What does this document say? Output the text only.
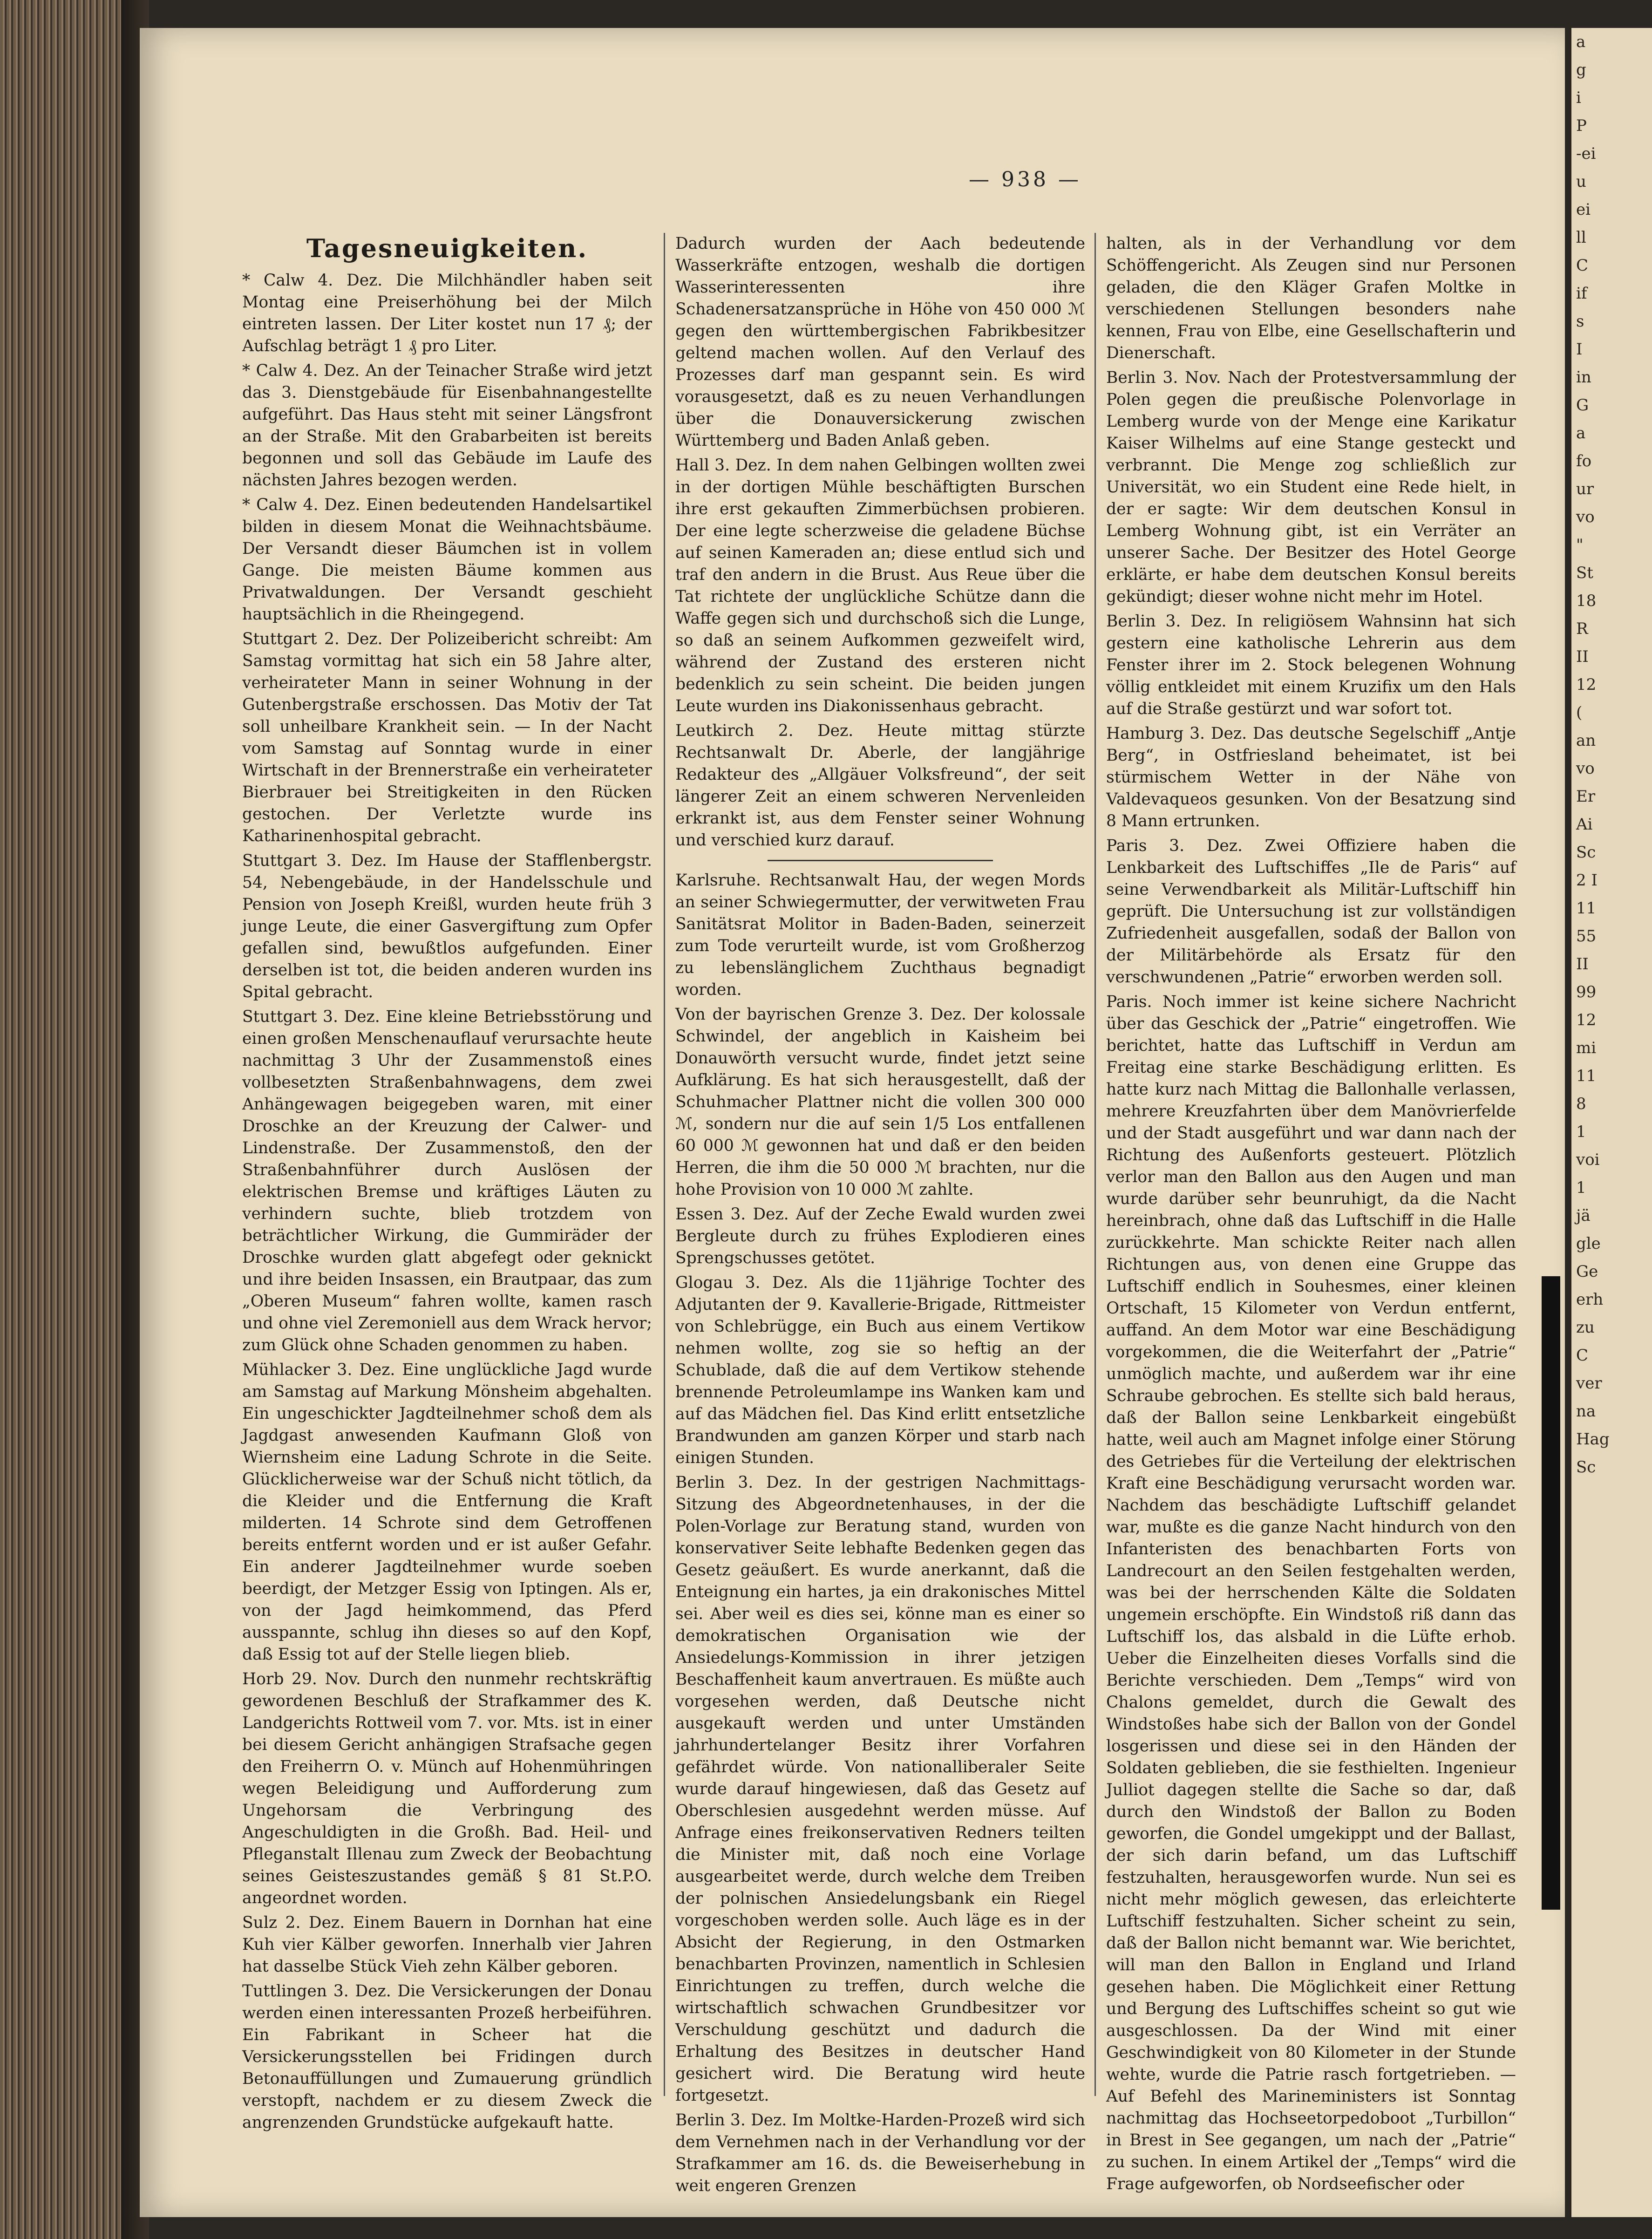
— 938 —
Tagesneuigkeiten.

* Calw 4. Dez. Die Milchhändler haben seit Montag eine Preiserhöhung bei der Milch eintreten lassen. Der Liter kostet nun 17 ₰; der Aufschlag beträgt 1 ₰ pro Liter.

* Calw 4. Dez. An der Teinacher Straße wird jetzt das 3. Dienstgebäude für Eisenbahnangestellte aufgeführt. Das Haus steht mit seiner Längsfront an der Straße. Mit den Grabarbeiten ist bereits begonnen und soll das Gebäude im Laufe des nächsten Jahres bezogen werden.

* Calw 4. Dez. Einen bedeutenden Handelsartikel bilden in diesem Monat die Weihnachtsbäume. Der Versandt dieser Bäumchen ist in vollem Gange. Die meisten Bäume kommen aus Privatwaldungen. Der Versandt geschieht hauptsächlich in die Rheingegend.

Stuttgart 2. Dez. Der Polizeibericht schreibt: Am Samstag vormittag hat sich ein 58 Jahre alter, verheirateter Mann in seiner Wohnung in der Gutenbergstraße erschossen. Das Motiv der Tat soll unheilbare Krankheit sein. — In der Nacht vom Samstag auf Sonntag wurde in einer Wirtschaft in der Brennerstraße ein verheirateter Bierbrauer bei Streitigkeiten in den Rücken gestochen. Der Verletzte wurde ins Katharinenhospital gebracht.

Stuttgart 3. Dez. Im Hause der Stafflenbergstr. 54, Nebengebäude, in der Handelsschule und Pension von Joseph Kreißl, wurden heute früh 3 junge Leute, die einer Gasvergiftung zum Opfer gefallen sind, bewußtlos aufgefunden. Einer derselben ist tot, die beiden anderen wurden ins Spital gebracht.

Stuttgart 3. Dez. Eine kleine Betriebsstörung und einen großen Menschenauflauf verursachte heute nachmittag 3 Uhr der Zusammenstoß eines vollbesetzten Straßenbahnwagens, dem zwei Anhängewagen beigegeben waren, mit einer Droschke an der Kreuzung der Calwer- und Lindenstraße. Der Zusammenstoß, den der Straßenbahnführer durch Auslösen der elektrischen Bremse und kräftiges Läuten zu verhindern suchte, blieb trotzdem von beträchtlicher Wirkung, die Gummiräder der Droschke wurden glatt abgefegt oder geknickt und ihre beiden Insassen, ein Brautpaar, das zum „Oberen Museum“ fahren wollte, kamen rasch und ohne viel Zeremoniell aus dem Wrack hervor; zum Glück ohne Schaden genommen zu haben.

Mühlacker 3. Dez. Eine unglückliche Jagd wurde am Samstag auf Markung Mönsheim abgehalten. Ein ungeschickter Jagdteilnehmer schoß dem als Jagdgast anwesenden Kaufmann Gloß von Wiernsheim eine Ladung Schrote in die Seite. Glücklicherweise war der Schuß nicht tötlich, da die Kleider und die Entfernung die Kraft milderten. 14 Schrote sind dem Getroffenen bereits entfernt worden und er ist außer Gefahr. Ein anderer Jagdteilnehmer wurde soeben beerdigt, der Metzger Essig von Iptingen. Als er, von der Jagd heimkommend, das Pferd ausspannte, schlug ihn dieses so auf den Kopf, daß Essig tot auf der Stelle liegen blieb.

Horb 29. Nov. Durch den nunmehr rechtskräftig gewordenen Beschluß der Strafkammer des K. Landgerichts Rottweil vom 7. vor. Mts. ist in einer bei diesem Gericht anhängigen Strafsache gegen den Freiherrn O. v. Münch auf Hohenmühringen wegen Beleidigung und Aufforderung zum Ungehorsam die Verbringung des Angeschuldigten in die Großh. Bad. Heil- und Pfleganstalt Illenau zum Zweck der Beobachtung seines Geisteszustandes gemäß § 81 St.P.O. angeordnet worden.

Sulz 2. Dez. Einem Bauern in Dornhan hat eine Kuh vier Kälber geworfen. Innerhalb vier Jahren hat dasselbe Stück Vieh zehn Kälber geboren.

Tuttlingen 3. Dez. Die Versickerungen der Donau werden einen interessanten Prozeß herbeiführen. Ein Fabrikant in Scheer hat die Versickerungsstellen bei Fridingen durch Betonauffüllungen und Zumauerung gründlich verstopft, nachdem er zu diesem Zweck die angrenzenden Grundstücke aufgekauft hatte.

Dadurch wurden der Aach bedeutende Wasserkräfte entzogen, weshalb die dortigen Wasserinteressenten ihre Schadenersatzansprüche in Höhe von 450 000 ℳ gegen den württembergischen Fabrikbesitzer geltend machen wollen. Auf den Verlauf des Prozesses darf man gespannt sein. Es wird vorausgesetzt, daß es zu neuen Verhandlungen über die Donauversickerung zwischen Württemberg und Baden Anlaß geben.

Hall 3. Dez. In dem nahen Gelbingen wollten zwei in der dortigen Mühle beschäftigten Burschen ihre erst gekauften Zimmerbüchsen probieren. Der eine legte scherzweise die geladene Büchse auf seinen Kameraden an; diese entlud sich und traf den andern in die Brust. Aus Reue über die Tat richtete der unglückliche Schütze dann die Waffe gegen sich und durchschoß sich die Lunge, so daß an seinem Aufkommen gezweifelt wird, während der Zustand des ersteren nicht bedenklich zu sein scheint. Die beiden jungen Leute wurden ins Diakonissenhaus gebracht.

Leutkirch 2. Dez. Heute mittag stürzte Rechtsanwalt Dr. Aberle, der langjährige Redakteur des „Allgäuer Volksfreund“, der seit längerer Zeit an einem schweren Nervenleiden erkrankt ist, aus dem Fenster seiner Wohnung und verschied kurz darauf.

Karlsruhe. Rechtsanwalt Hau, der wegen Mords an seiner Schwiegermutter, der verwitweten Frau Sanitätsrat Molitor in Baden-Baden, seinerzeit zum Tode verurteilt wurde, ist vom Großherzog zu lebenslänglichem Zuchthaus begnadigt worden.

Von der bayrischen Grenze 3. Dez. Der kolossale Schwindel, der angeblich in Kaisheim bei Donauwörth versucht wurde, findet jetzt seine Aufklärung. Es hat sich herausgestellt, daß der Schuhmacher Plattner nicht die vollen 300 000 ℳ, sondern nur die auf sein 1/5 Los entfallenen 60 000 ℳ gewonnen hat und daß er den beiden Herren, die ihm die 50 000 ℳ brachten, nur die hohe Provision von 10 000 ℳ zahlte.

Essen 3. Dez. Auf der Zeche Ewald wurden zwei Bergleute durch zu frühes Explodieren eines Sprengschusses getötet.

Glogau 3. Dez. Als die 11jährige Tochter des Adjutanten der 9. Kavallerie-Brigade, Rittmeister von Schlebrügge, ein Buch aus einem Vertikow nehmen wollte, zog sie so heftig an der Schublade, daß die auf dem Vertikow stehende brennende Petroleumlampe ins Wanken kam und auf das Mädchen fiel. Das Kind erlitt entsetzliche Brandwunden am ganzen Körper und starb nach einigen Stunden.

Berlin 3. Dez. In der gestrigen Nachmittags-Sitzung des Abgeordnetenhauses, in der die Polen-Vorlage zur Beratung stand, wurden von konservativer Seite lebhafte Bedenken gegen das Gesetz geäußert. Es wurde anerkannt, daß die Enteignung ein hartes, ja ein drakonisches Mittel sei. Aber weil es dies sei, könne man es einer so demokratischen Organisation wie der Ansiedelungs-Kommission in ihrer jetzigen Beschaffenheit kaum anvertrauen. Es müßte auch vorgesehen werden, daß Deutsche nicht ausgekauft werden und unter Umständen jahrhundertelanger Besitz ihrer Vorfahren gefährdet würde. Von nationalliberaler Seite wurde darauf hingewiesen, daß das Gesetz auf Oberschlesien ausgedehnt werden müsse. Auf Anfrage eines freikonservativen Redners teilten die Minister mit, daß noch eine Vorlage ausgearbeitet werde, durch welche dem Treiben der polnischen Ansiedelungsbank ein Riegel vorgeschoben werden solle. Auch läge es in der Absicht der Regierung, in den Ostmarken benachbarten Provinzen, namentlich in Schlesien Einrichtungen zu treffen, durch welche die wirtschaftlich schwachen Grundbesitzer vor Verschuldung geschützt und dadurch die Erhaltung des Besitzes in deutscher Hand gesichert wird. Die Beratung wird heute fortgesetzt.

Berlin 3. Dez. Im Moltke-Harden-Prozeß wird sich dem Vernehmen nach in der Verhandlung vor der Strafkammer am 16. ds. die Beweiserhebung in weit engeren Grenzen

halten, als in der Verhandlung vor dem Schöffengericht. Als Zeugen sind nur Personen geladen, die den Kläger Grafen Moltke in verschiedenen Stellungen besonders nahe kennen, Frau von Elbe, eine Gesellschafterin und Dienerschaft.

Berlin 3. Nov. Nach der Protestversammlung der Polen gegen die preußische Polenvorlage in Lemberg wurde von der Menge eine Karikatur Kaiser Wilhelms auf eine Stange gesteckt und verbrannt. Die Menge zog schließlich zur Universität, wo ein Student eine Rede hielt, in der er sagte: Wir dem deutschen Konsul in Lemberg Wohnung gibt, ist ein Verräter an unserer Sache. Der Besitzer des Hotel George erklärte, er habe dem deutschen Konsul bereits gekündigt; dieser wohne nicht mehr im Hotel.

Berlin 3. Dez. In religiösem Wahnsinn hat sich gestern eine katholische Lehrerin aus dem Fenster ihrer im 2. Stock belegenen Wohnung völlig entkleidet mit einem Kruzifix um den Hals auf die Straße gestürzt und war sofort tot.

Hamburg 3. Dez. Das deutsche Segelschiff „Antje Berg“, in Ostfriesland beheimatet, ist bei stürmischem Wetter in der Nähe von Valdevaqueos gesunken. Von der Besatzung sind 8 Mann ertrunken.

Paris 3. Dez. Zwei Offiziere haben die Lenkbarkeit des Luftschiffes „Ile de Paris“ auf seine Verwendbarkeit als Militär-Luftschiff hin geprüft. Die Untersuchung ist zur vollständigen Zufriedenheit ausgefallen, sodaß der Ballon von der Militärbehörde als Ersatz für den verschwundenen „Patrie“ erworben werden soll.

Paris. Noch immer ist keine sichere Nachricht über das Geschick der „Patrie“ eingetroffen. Wie berichtet, hatte das Luftschiff in Verdun am Freitag eine starke Beschädigung erlitten. Es hatte kurz nach Mittag die Ballonhalle verlassen, mehrere Kreuzfahrten über dem Manövrierfelde und der Stadt ausgeführt und war dann nach der Richtung des Außenforts gesteuert. Plötzlich verlor man den Ballon aus den Augen und man wurde darüber sehr beunruhigt, da die Nacht hereinbrach, ohne daß das Luftschiff in die Halle zurückkehrte. Man schickte Reiter nach allen Richtungen aus, von denen eine Gruppe das Luftschiff endlich in Souhesmes, einer kleinen Ortschaft, 15 Kilometer von Verdun entfernt, auffand. An dem Motor war eine Beschädigung vorgekommen, die die Weiterfahrt der „Patrie“ unmöglich machte, und außerdem war ihr eine Schraube gebrochen. Es stellte sich bald heraus, daß der Ballon seine Lenkbarkeit eingebüßt hatte, weil auch am Magnet infolge einer Störung des Getriebes für die Verteilung der elektrischen Kraft eine Beschädigung verursacht worden war. Nachdem das beschädigte Luftschiff gelandet war, mußte es die ganze Nacht hindurch von den Infanteristen des benachbarten Forts von Landrecourt an den Seilen festgehalten werden, was bei der herrschenden Kälte die Soldaten ungemein erschöpfte. Ein Windstoß riß dann das Luftschiff los, das alsbald in die Lüfte erhob. Ueber die Einzelheiten dieses Vorfalls sind die Berichte verschieden. Dem „Temps“ wird von Chalons gemeldet, durch die Gewalt des Windstoßes habe sich der Ballon von der Gondel losgerissen und diese sei in den Händen der Soldaten geblieben, die sie festhielten. Ingenieur Julliot dagegen stellte die Sache so dar, daß durch den Windstoß der Ballon zu Boden geworfen, die Gondel umgekippt und der Ballast, der sich darin befand, um das Luftschiff festzuhalten, herausgeworfen wurde. Nun sei es nicht mehr möglich gewesen, das erleichterte Luftschiff festzuhalten. Sicher scheint zu sein, daß der Ballon nicht bemannt war. Wie berichtet, will man den Ballon in England und Irland gesehen haben. Die Möglichkeit einer Rettung und Bergung des Luftschiffes scheint so gut wie ausgeschlossen. Da der Wind mit einer Geschwindigkeit von 80 Kilometer in der Stunde wehte, wurde die Patrie rasch fortgetrieben. — Auf Befehl des Marineministers ist Sonntag nachmittag das Hochseetorpedoboot „Turbillon“ in Brest in See gegangen, um nach der „Patrie“ zu suchen. In einem Artikel der „Temps“ wird die Frage aufgeworfen, ob Nordseefischer oder

a
g
i
P
-ei
u
ei
ll
C
if
s
I
in
G
a
fo
ur
vo
"
St
18
R
II
12
(
an
vo
Er
Ai
Sc
2 I
11
55
II
99
12
mi
11
8
1
voi
1
jä
gle
Ge
erh
zu
C
ver
na
Hag
Sc
